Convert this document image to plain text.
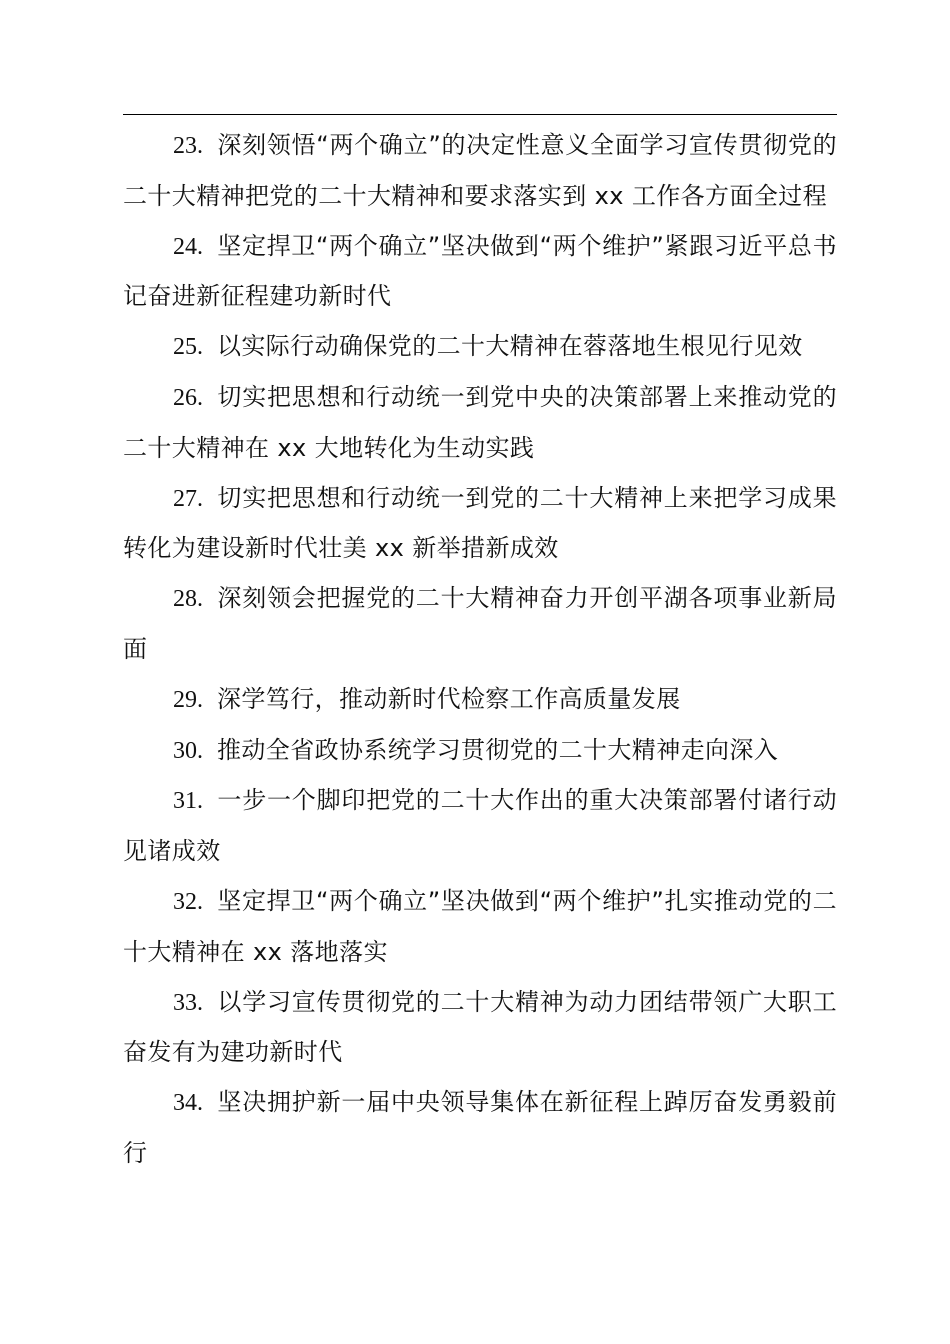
23. 深刻领悟“两个确立”的决定性意义全面学习宣传贯彻党的二十大精神把党的二十大精神和要求落实到 xx 工作各方面全过程

24. 坚定捍卫“两个确立”坚决做到“两个维护”紧跟习近平总书记奋进新征程建功新时代

25. 以实际行动确保党的二十大精神在蓉落地生根见行见效

26. 切实把思想和行动统一到党中央的决策部署上来推动党的二十大精神在 xx 大地转化为生动实践

27. 切实把思想和行动统一到党的二十大精神上来把学习成果转化为建设新时代壮美 xx 新举措新成效

28. 深刻领会把握党的二十大精神奋力开创平湖各项事业新局面

29. 深学笃行，推动新时代检察工作高质量发展

30. 推动全省政协系统学习贯彻党的二十大精神走向深入

31. 一步一个脚印把党的二十大作出的重大决策部署付诸行动见诸成效

32. 坚定捍卫“两个确立”坚决做到“两个维护”扎实推动党的二十大精神在 xx 落地落实

33. 以学习宣传贯彻党的二十大精神为动力团结带领广大职工奋发有为建功新时代

34. 坚决拥护新一届中央领导集体在新征程上踔厉奋发勇毅前行
